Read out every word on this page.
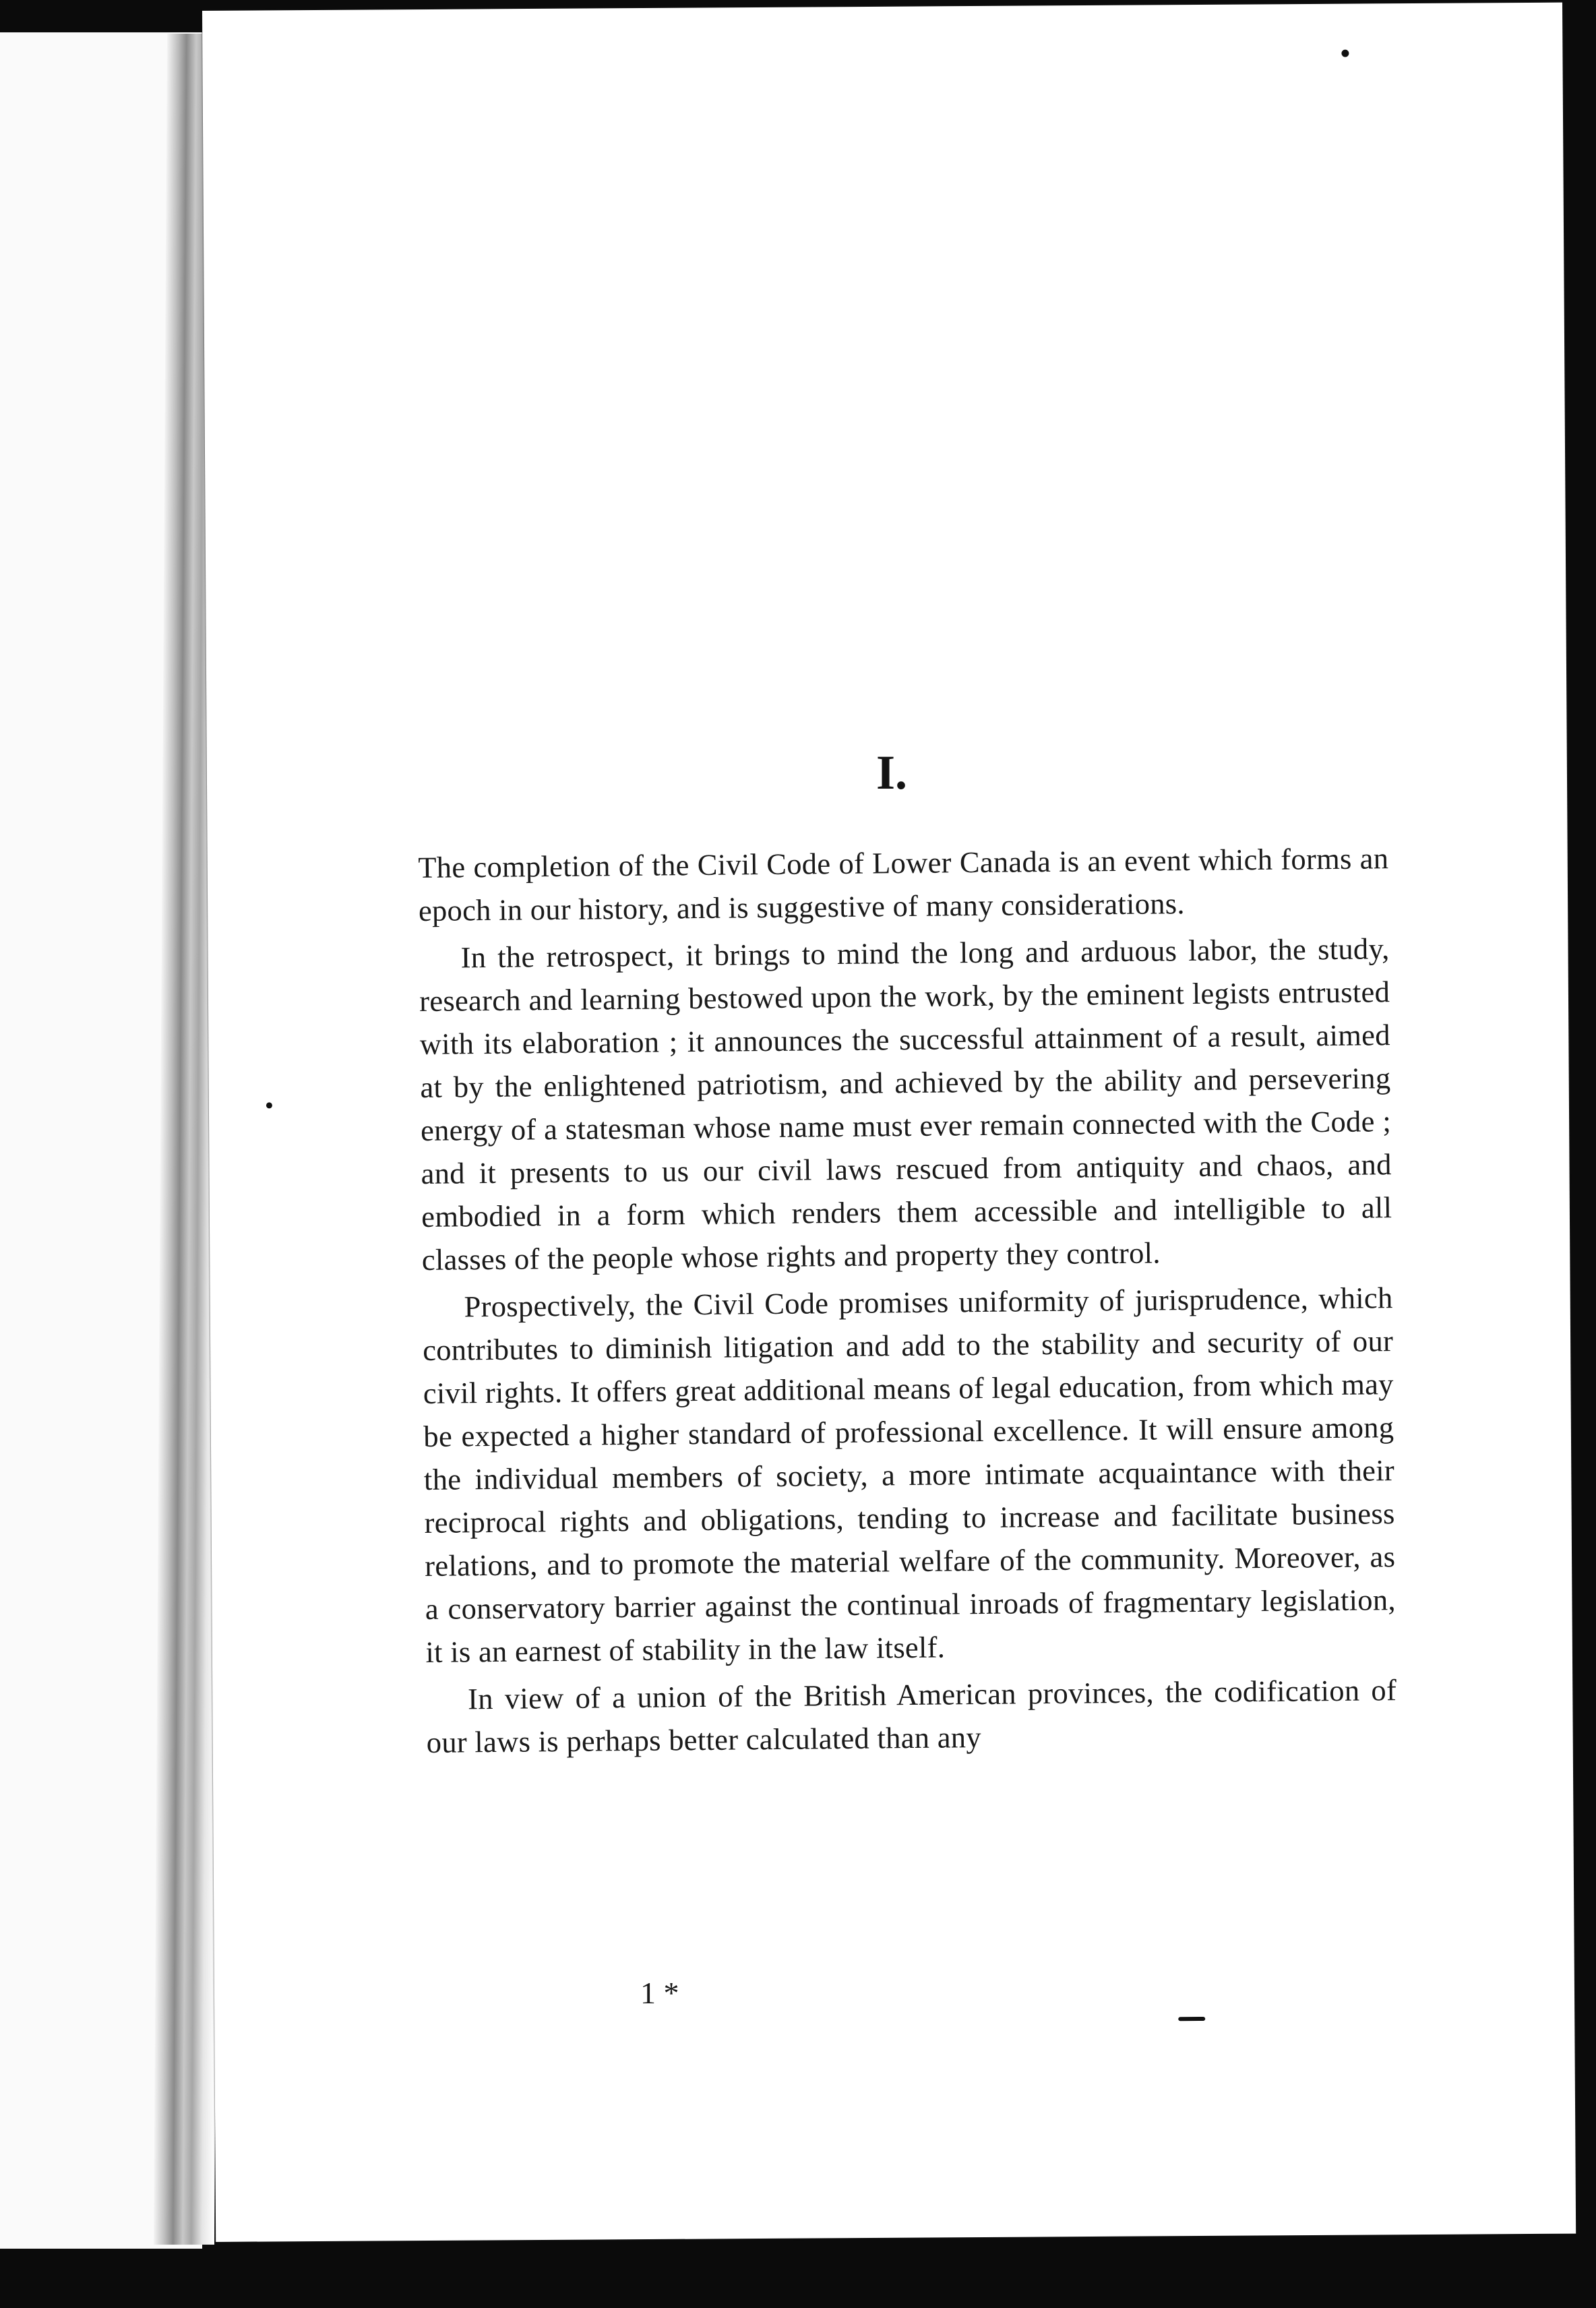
I.

The completion of the Civil Code of Lower Canada is an event which forms an epoch in our history, and is suggestive of many considerations.

In the retrospect, it brings to mind the long and arduous labor, the study, research and learning bestowed upon the work, by the eminent legists entrusted with its elaboration ; it announces the successful attainment of a result, aimed at by the enlightened patriotism, and achieved by the ability and persevering energy of a statesman whose name must ever remain connected with the Code ; and it presents to us our civil laws rescued from antiquity and chaos, and embodied in a form which renders them accessible and intelligible to all classes of the people whose rights and property they control.

Prospectively, the Civil Code promises uniformity of jurisprudence, which contributes to diminish litigation and add to the stability and security of our civil rights. It offers great additional means of legal education, from which may be expected a higher standard of professional excellence. It will ensure among the individual members of society, a more intimate acquaintance with their reciprocal rights and obligations, tending to increase and facilitate business relations, and to promote the material welfare of the community. Moreover, as a conservatory barrier against the continual inroads of fragmentary legislation, it is an earnest of stability in the law itself.

In view of a union of the British American provinces, the codification of our laws is perhaps better calculated than any

1 *
